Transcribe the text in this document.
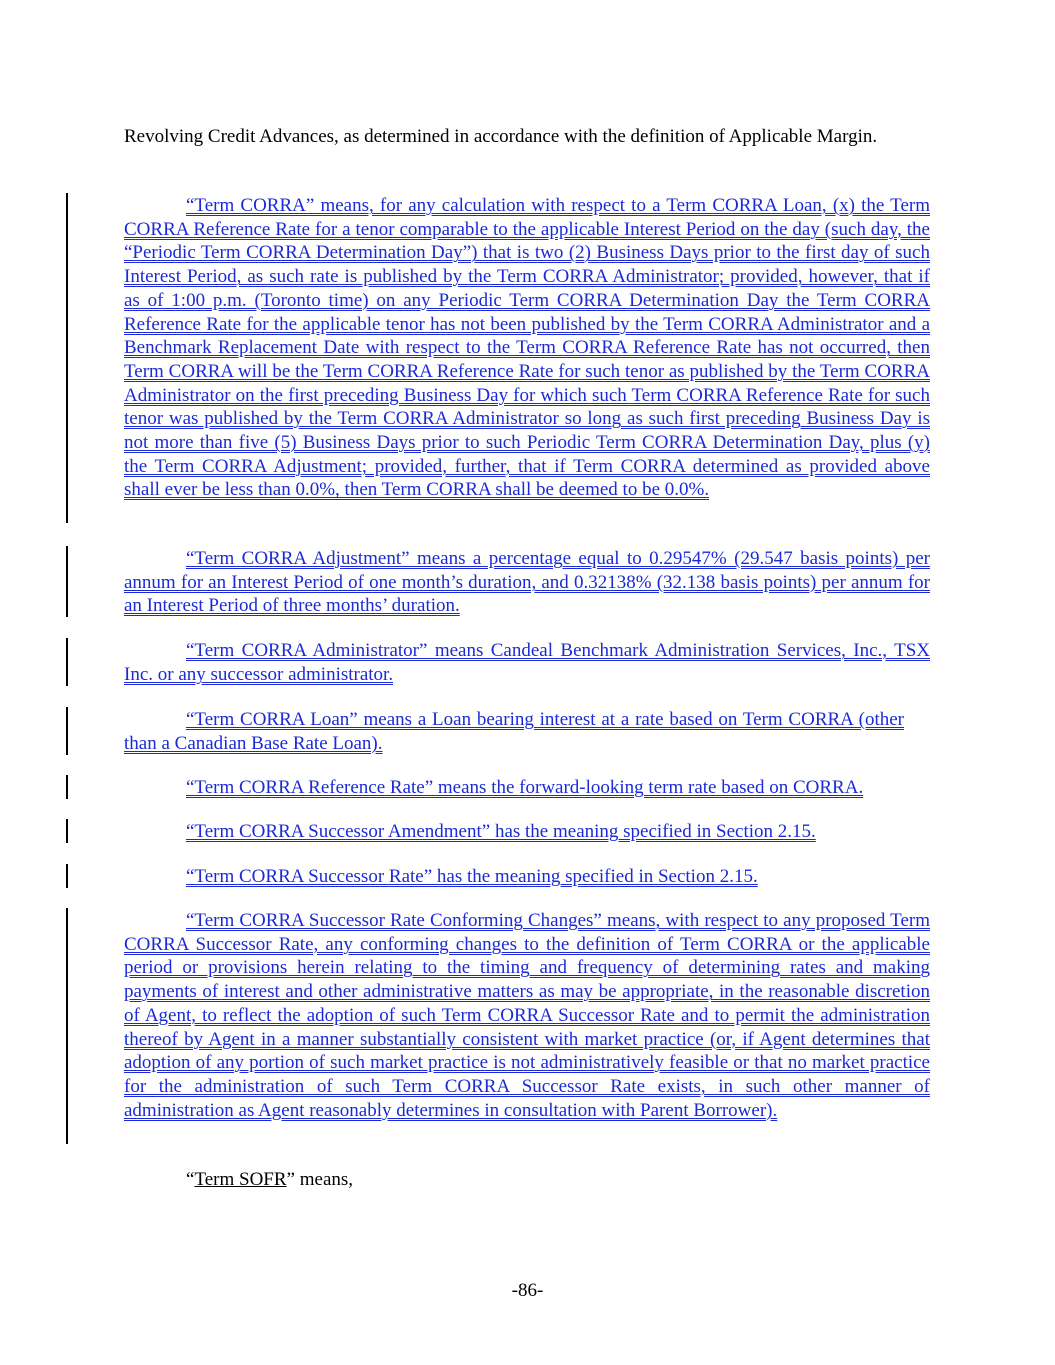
Revolving Credit Advances, as determined in accordance with the definition of Applicable Margin.

“Term CORRA” means, for any calculation with respect to a Term CORRA Loan, (x) the Term CORRA Reference Rate for a tenor comparable to the applicable Interest Period on the day (such day, the “Periodic Term CORRA Determination Day”) that is two (2) Business Days prior to the first day of such Interest Period, as such rate is published by the Term CORRA Administrator; provided, however, that if as of 1:00 p.m. (Toronto time) on any Periodic Term CORRA Determination Day the Term CORRA Reference Rate for the applicable tenor has not been published by the Term CORRA Administrator and a Benchmark Replacement Date with respect to the Term CORRA Reference Rate has not occurred, then Term CORRA will be the Term CORRA Reference Rate for such tenor as published by the Term CORRA Administrator on the first preceding Business Day for which such Term CORRA Reference Rate for such tenor was published by the Term CORRA Administrator so long as such first preceding Business Day is not more than five (5) Business Days prior to such Periodic Term CORRA Determination Day, plus (y) the Term CORRA Adjustment; provided, further, that if Term CORRA determined as provided above shall ever be less than 0.0%, then Term CORRA shall be deemed to be 0.0%.

“Term CORRA Adjustment” means a percentage equal to 0.29547% (29.547 basis points) per annum for an Interest Period of one month’s duration, and 0.32138% (32.138 basis points) per annum for an Interest Period of three months’ duration.

“Term CORRA Administrator” means Candeal Benchmark Administration Services, Inc., TSX Inc. or any successor administrator.

“Term CORRA Loan” means a Loan bearing interest at a rate based on Term CORRA (other than a Canadian Base Rate Loan).

“Term CORRA Reference Rate” means the forward-looking term rate based on CORRA.

“Term CORRA Successor Amendment” has the meaning specified in Section 2.15.

“Term CORRA Successor Rate” has the meaning specified in Section 2.15.

“Term CORRA Successor Rate Conforming Changes” means, with respect to any proposed Term CORRA Successor Rate, any conforming changes to the definition of Term CORRA or the applicable period or provisions herein relating to the timing and frequency of determining rates and making payments of interest and other administrative matters as may be appropriate, in the reasonable discretion of Agent, to reflect the adoption of such Term CORRA Successor Rate and to permit the administration thereof by Agent in a manner substantially consistent with market practice (or, if Agent determines that adoption of any portion of such market practice is not administratively feasible or that no market practice for the administration of such Term CORRA Successor Rate exists, in such other manner of administration as Agent reasonably determines in consultation with Parent Borrower).

“Term SOFR” means,

-86-
